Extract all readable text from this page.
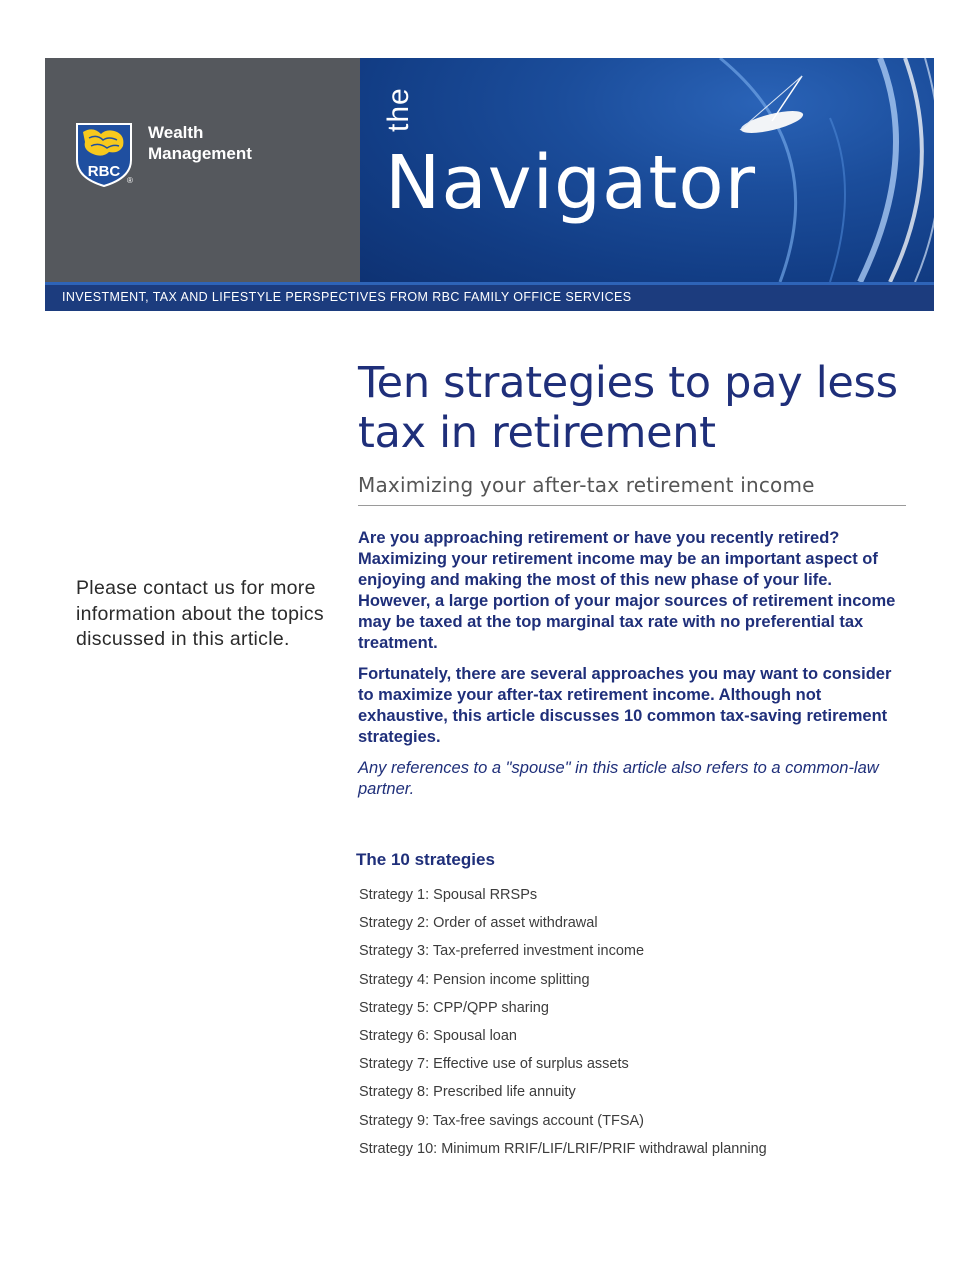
RBC
®
Wealth
Management
the
Navigator
INVESTMENT, TAX AND LIFESTYLE PERSPECTIVES FROM RBC FAMILY OFFICE SERVICES
Please contact us for more information about the topics discussed in this article.
Ten strategies to pay less tax in retirement
Maximizing your after-tax retirement income

Are you approaching retirement or have you recently retired? Maximizing your retirement income may be an important aspect of enjoying and making the most of this new phase of your life. However, a large portion of your major sources of retirement income may be taxed at the top marginal tax rate with no preferential tax treatment.

Fortunately, there are several approaches you may want to consider to maximize your after-tax retirement income. Although not exhaustive, this article discusses 10 common tax-saving retirement strategies.

Any references to a "spouse" in this article also refers to a common-law partner.

The 10 strategies
Strategy 1: Spousal RRSPs
Strategy 2: Order of asset withdrawal
Strategy 3: Tax-preferred investment income
Strategy 4: Pension income splitting
Strategy 5: CPP/QPP sharing
Strategy 6: Spousal loan
Strategy 7: Effective use of surplus assets
Strategy 8: Prescribed life annuity
Strategy 9: Tax-free savings account (TFSA)
Strategy 10: Minimum RRIF/LIF/LRIF/PRIF withdrawal planning
